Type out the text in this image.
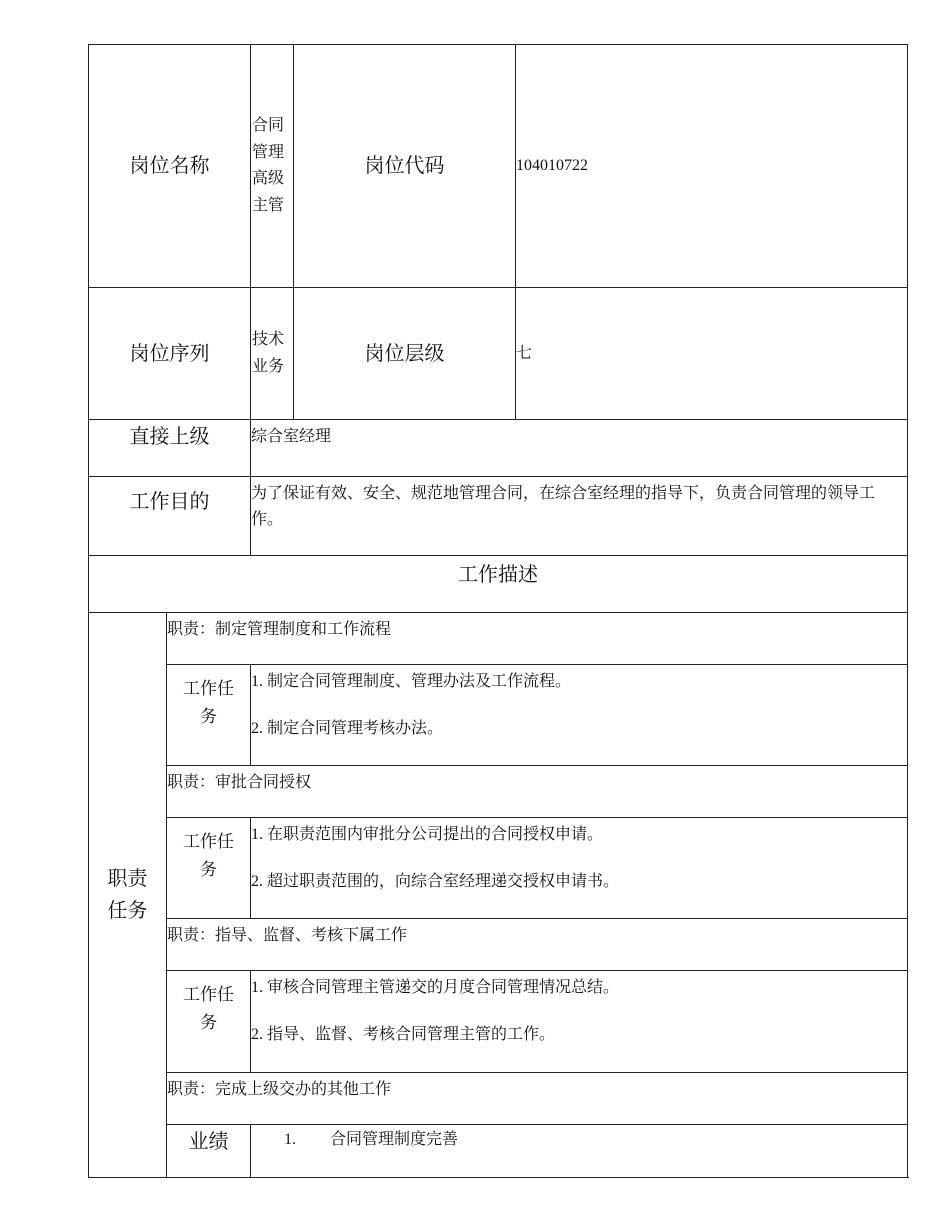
岗位名称		合同管理高级主管	岗位代码	104010722
岗位序列		技术业务	岗位层级	七
直接上级		综合室经理		
工作目的		为了保证有效、安全、规范地管理合同，在综合室经理的指导下，负责合同管理的领导工作。		
工作描述				
职责任务	职责：制定管理制度和工作流程			
	工作任务	1. 制定合同管理制度、管理办法及工作流程。
2. 制定合同管理考核办法。		

	职责：审批合同授权			
	工作任务	1. 在职责范围内审批分公司提出的合同授权申请。
2. 超过职责范围的，向综合室经理递交授权申请书。		

	职责：指导、监督、考核下属工作			
	工作任务	1. 审核合同管理主管递交的月度合同管理情况总结。
2. 指导、监督、考核合同管理主管的工作。		

	职责：完成上级交办的其他工作			
	业绩	1. 合同管理制度完善		
